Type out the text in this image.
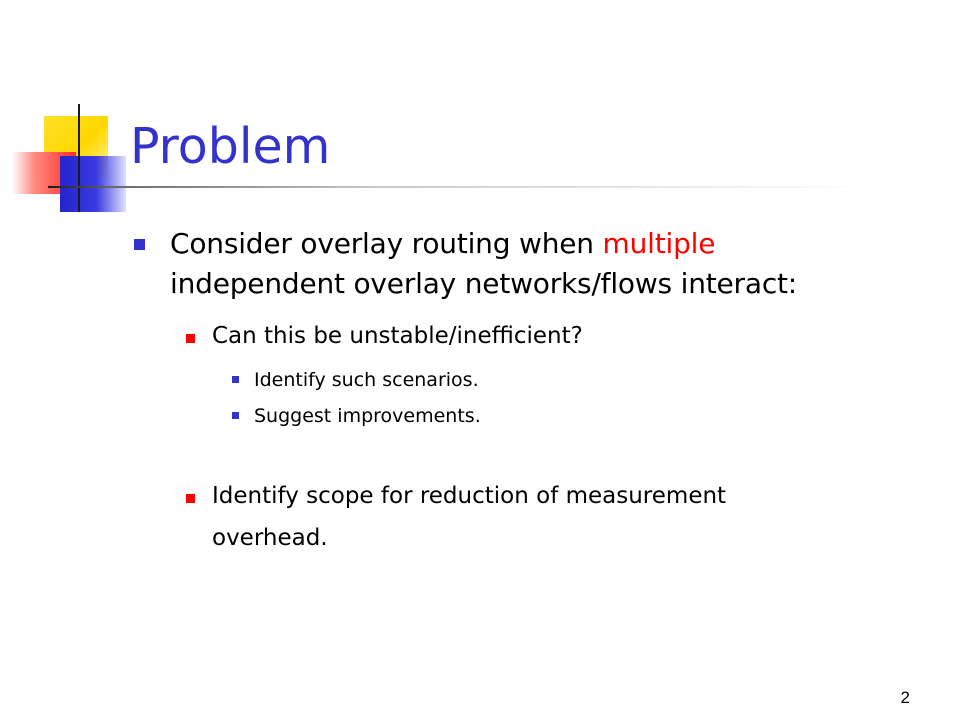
Problem
Consider overlay routing when multiple
independent overlay networks/flows interact:
Can this be unstable/inefficient?
Identify such scenarios.
Suggest improvements.
Identify scope for reduction of measurement
overhead.
2
